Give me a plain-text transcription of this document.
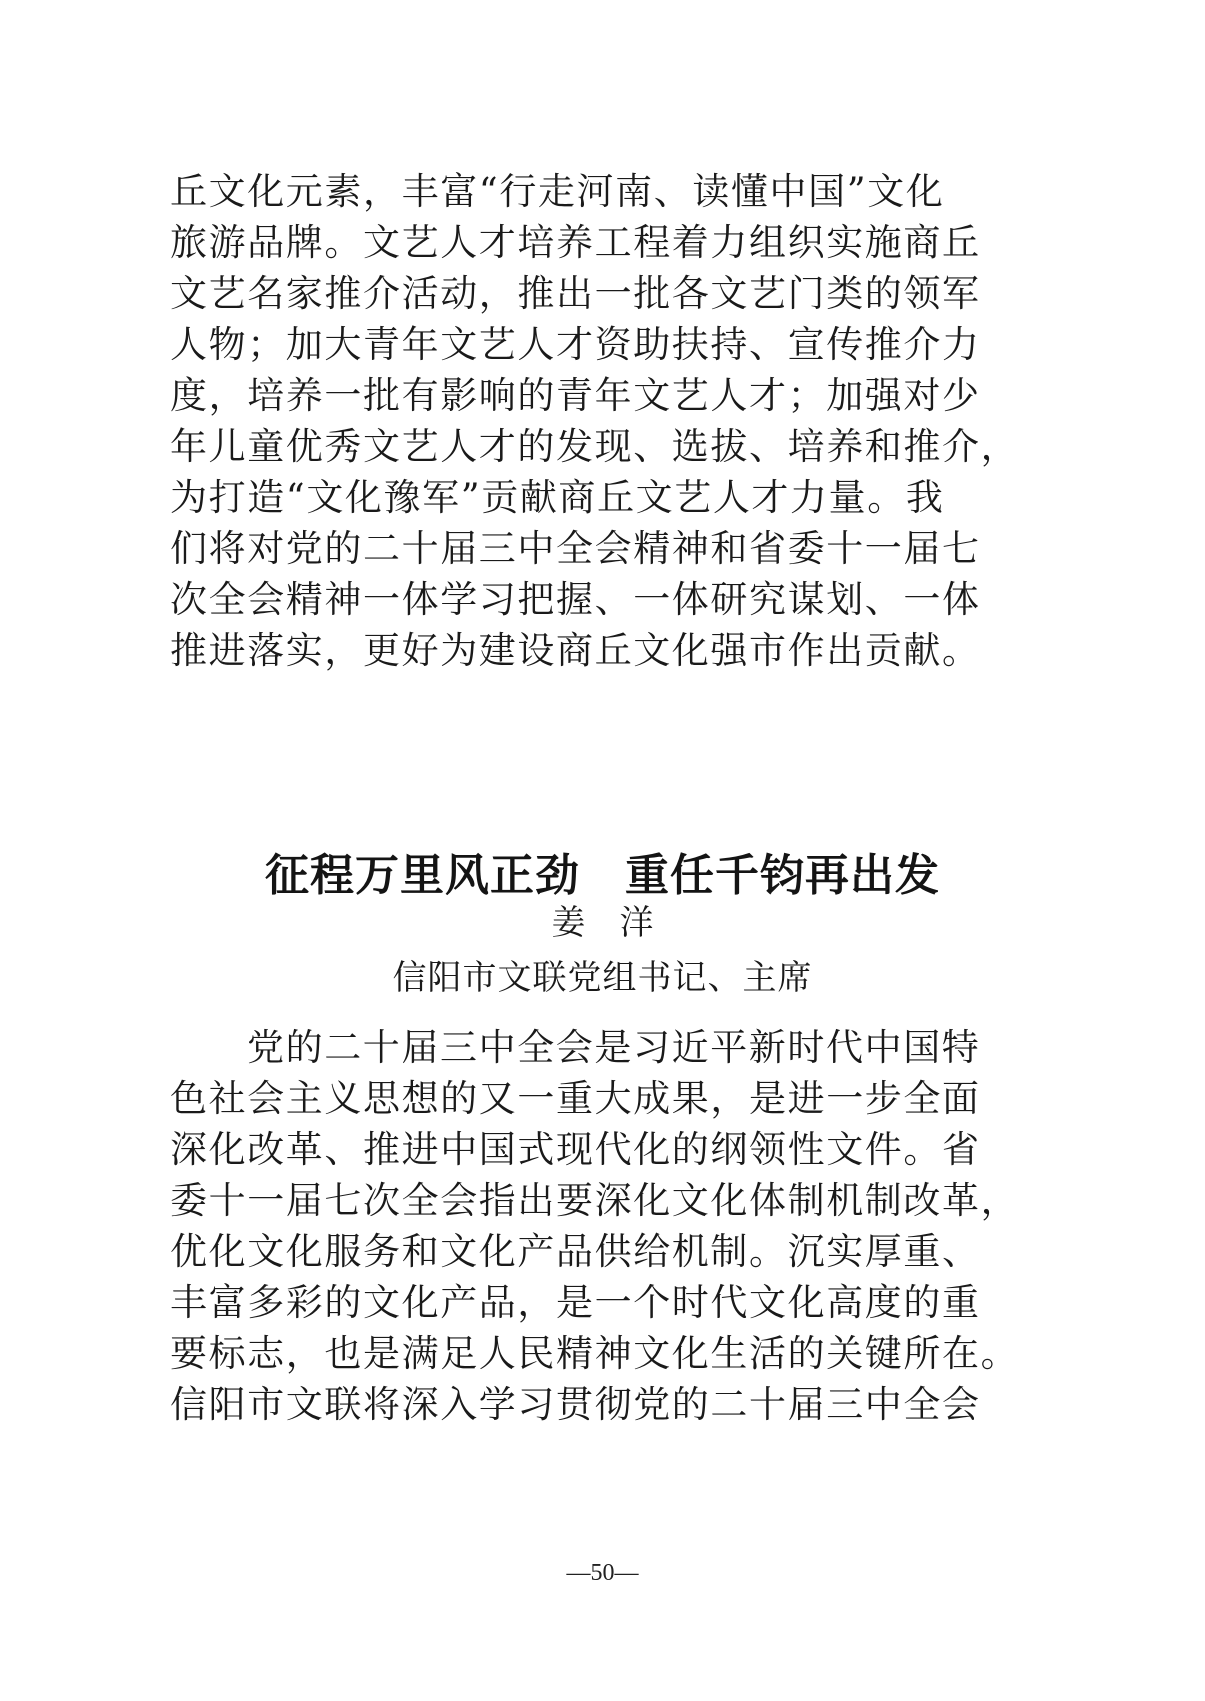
丘文化元素，丰富“行走河南、读懂中国”文化
旅游品牌。文艺人才培养工程着力组织实施商丘
文艺名家推介活动，推出一批各文艺门类的领军
人物；加大青年文艺人才资助扶持、宣传推介力
度，培养一批有影响的青年文艺人才；加强对少
年儿童优秀文艺人才的发现、选拔、培养和推介，
为打造“文化豫军”贡献商丘文艺人才力量。我
们将对党的二十届三中全会精神和省委十一届七
次全会精神一体学习把握、一体研究谋划、一体
推进落实，更好为建设商丘文化强市作出贡献。
征程万里风正劲　重任千钧再出发
姜　洋
信阳市文联党组书记、主席
党的二十届三中全会是习近平新时代中国特
色社会主义思想的又一重大成果，是进一步全面
深化改革、推进中国式现代化的纲领性文件。省
委十一届七次全会指出要深化文化体制机制改革，
优化文化服务和文化产品供给机制。沉实厚重、
丰富多彩的文化产品，是一个时代文化高度的重
要标志，也是满足人民精神文化生活的关键所在。
信阳市文联将深入学习贯彻党的二十届三中全会
—50—
